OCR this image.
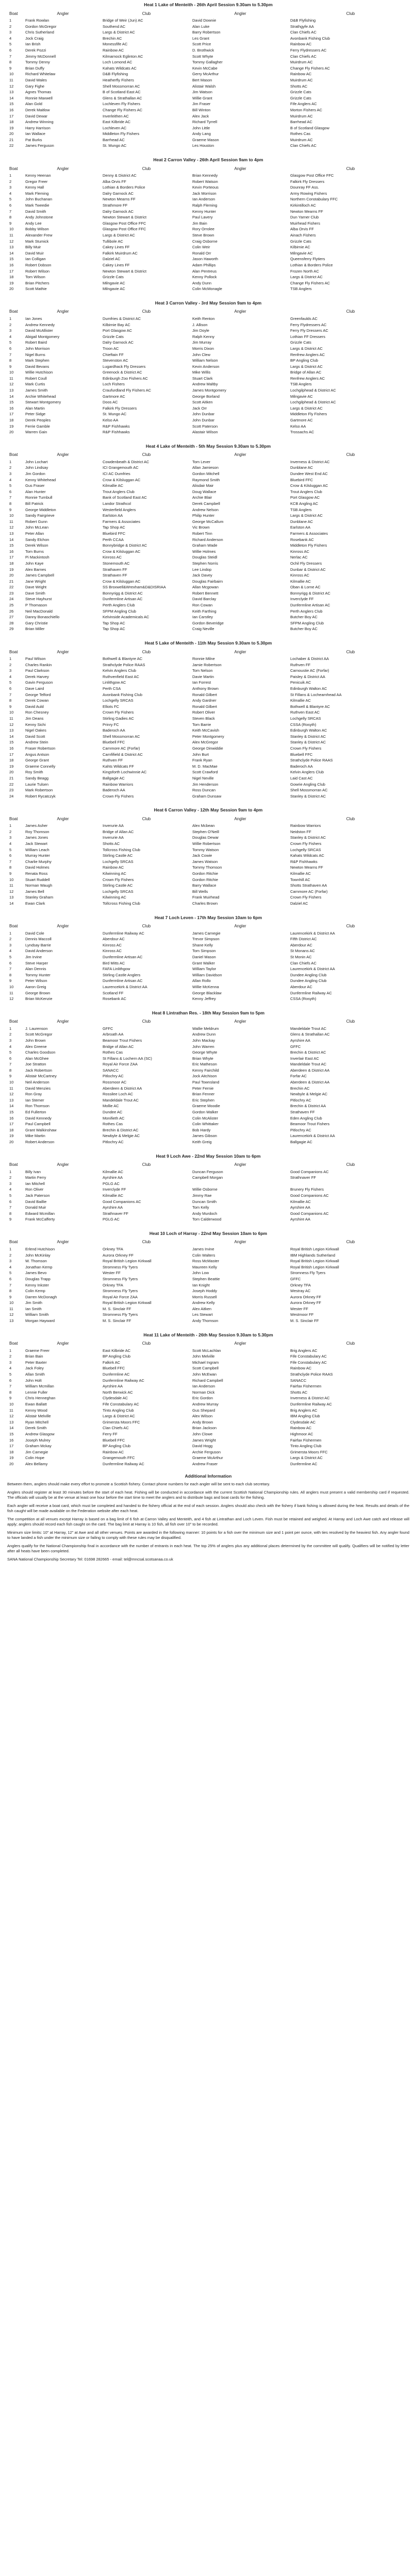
Heat 1 Lake of Menteith - 26th April Session 9.30am to 5.30pm
Boat	Angler	Club	Angler	Club
1	Frank Rowlan	Bridge of Weir (Jun) AC	David Downie	D&B Flyfishing
2	Gordon McGregor	Southend AC	Alan Luke	Strathgyfe AA
3	Chris Sutherland	Largs & District AC	Barry Robertson	Clan Chiefs AC
4	Jock Craig	Brechin AC	Les Grant	Avonbank Fishing Club
5	Ian Brish	Monessfife AC	Scott Price	Rainbow AC
6	Derek Pozzi	Rainbow AC	D. Brothwick	Ferry Flydressers AC
7	Jimmy McDonnell	Kilmarnock Eglinton AC	Scott Whyte	Clan Chiefs AC
8	Tommy Denny	Loch Lomond AC	Tommy Gallagher	Muirdrum AC
9	Brian Duffy	Kahats Wildcats AC	Kevin McCabe	Change Fly Fishers AC
10	Richard Whitelaw	D&B Flyfishing	Gerry McArthur	Rainbow AC
11	David Wales	Heatherfly Fishers	Bert Mason	Muirdrum AC
12	Gary Fighe	Shell Mossmorran AC	Alistair Walsh	Shotts AC
13	Agnes Thomas	B of Scotland East AC	Jim Watson	Grizzle Cats
14	Ronnie Maxwell	Glens & Strathallan AC	Willie Grant	Grizzle Cats
15	Alan Gold	Lochleven Fly Fishers	Jim Fraser	Fife Anglers AC
16	Derek Maitlow	Change Fly Fishers AC	Bill Winton	Morton Fishers AC
17	David Dewar	Inverleithen AC	Alex Jack	Muirdrum AC
18	Andrew Winning	East Kilbride AC	Richard Tyrrell	Barrhead AC
19	Harry Harrison	Lochleven AC	John Little	B of Scotland Glasgow
20	Ian Wallace	Middleton Fly Fishers	Andy Lang	Rothes Cas
21	Pat Burks	Barrhead AC	Graeme Mason	Muirdrum AC
22	James Ferguson	St. Mungo AC	Les Houston	Clan Chiefs AC
Heat 2 Carron Valley - 26th April Session 9am to 4pm
Boat	Angler	Club	Angler	Club
1	Kenny Heenan	Denny & District AC	Brian Kennedy	Glasgow Post Office FFC
2	Gregor Freer	Alba Orvis FF	Robert Watson	Falkirk Fly Dressers
3	Kenny Hall	Lothian & Borders Police	Kevin Porteous	Dounray FF Ass.
4	Mark Fleming	Dalry Garnock AC	Jack Morrison	Army Rowing Fishers
5	John Buchanan	Newton Mearns FF	Ian Anderson	Northern Constabulary FFC
6	Mark Tweedie	Strathmore FF	Ralph Fleming	Kirkintilloch AC
7	David Smith	Dalry Garnock AC	Kenny Hunter	Newton Mearns FF
8	Andy Johnstone	Newton Stewart & District	Paul Lavery	Dun Yarner Club
9	Andy Lee	Glasgow Post Office FFC	Jim Bain	Muirhead Fishers
10	Bobby Wilson	Glasgow Post Office FFC	Rory Orrolee	Alba Orvis FF
11	Alexander Frew	Largs & District AC	Steve Brown	Ainach Fishers
12	Mark Stumick	Tullibole AC	Craig Osborne	Grizzle Cats
13	Billy Muir	Cakey Lines FF	Colin Weir	Kilbirnie AC
14	David Muir	Falkirk Muirdrum AC	Ronald Orr	Milngavie AC
15	Ian Colligan	Dalziel AC	Jason Haworth	Queensferry Flytiers
16	Robert Dobson	Cakey Lines FF	Adam Phillips	Lothian & Borders Police
17	Robert Wilson	Newton Stewart & District	Alan Pentreus	Frozen North AC
18	Tom Wilson	Grizzle Cats	Kenny Pollock	Largs & District AC
19	Brian Pitchers	Milngavie AC	Andy Dunn	Change Fly Fishers AC
20	Scott Mathie	Milngavie AC	Colin McMonagle	TSB Anglers
Heat 3 Carron Valley - 3rd May Session 9am to 4pm
Boat	Angler	Club	Angler	Club
1	Ian Jones	Dumfries & District AC	Keith Renton	Greenfaulds AC
2	Andrew Kennedy	Kilbirnie Bay AC	J. Allison	Ferry Flydressers AC
3	David McAllister	Port Glasgow AC	Jim Doyle	Ferry Fly Dressers AC
4	Abigail Montgomery	Grizzle Cats	Ralph Kenny	Lothian FF Dressers
5	Robert Baird	Dalry Garnock AC	Jim Murray	Grizzle Cats
6	John Morrison	Troon AC	Morris Dixon	Largs & District AC
7	Nigel Burns	Chieftain FF	John Clew	Renfrew Anglers AC
8	Mark Stephen	Stevenston AC	William Nelson	BP Angling Club
9	David Bevans	Lugardhack Fly Dressers	Kevin Anderson	Largs & District AC
10	Willie Hutchison	Greenock & District AC	Mike Willis	Bridge of Allan AC
11	Robert Coull	Edinburgh Zoo Fishers AC	Stuart Clark	Renfrew Anglers AC
12	Mark Curtis	Loch Fishers	Andrew Maltby	TSB Anglers
13	James Smith	Craufurdland Fly Fishers AC	James Montgomery	Lochgilphead & District AC
14	Archie Whitehead	Gartmore AC	George Borland	Milngavie AC
15	Stewart Montgomery	Doos AC	Scott Aitken	Lochgilphead & District AC
16	Alan Martin	Falkirk Fly Dressers	Jack Orr	Largs & District AC
17	Peter Sidge	St. Mungo AC	John Dunbar	Middleton Fly Fishers
18	Derek Peoples	Kelso AA	John Dunbar	Gartmore AC
19	Ferrie Gamble	R&P Fishhawks	Scott Paterson	Kelso AA
20	Warren Gain	R&P Fishhawks	Alastair Wilson	Trossachs AC
Heat 4 Lake of Menteith - 5th May Session 9.30am to 5.30pm
Boat	Angler	Club	Angler	Club
1	John Lochart	Cowdenbeath & District AC	Tom Lever	Inverness & District AC
2	John Lindsay	ICI Grangemouth AC	Allan Jamieson	Dunblane AC
3	Jim Gordon	ICI AC Dumfries	Gordon Mitchell	Dundee West End AC
4	Kenny Whitehead	Crow & Kilsluggan AC	Raymond Smith	Bluebird FFC
5	Gus Fraser	Kilmallie AC	Alisdair Mair	Crow & Kilsluggan AC
6	Alan Hunter	Trout Anglers Club	Doug Wallace	Trout Anglers Club
7	Ronnie Turnbull	Bank of Scotland East AC	Archie Blair	Port Glasgow AC
8	Bill Patrick	Landor Strathcol	Derek Campbell	KCB Angling AC
9	George Middleton	Westerfield Anglers	Andrew Nelson	TSB Anglers
10	Sandy Fairgrieve	Earlston AA	Philip Hunter	Largs & District AC
11	Robert Gunn	Farmers & Associates	George McCallum	Dunblane AC
12	John McLean	Tap Shop AC	Vic Brown	Earlston AA
13	Peter Allan	Bluebird FFC	Robert Tinn	Farmers & Associates
14	Sandy Elchon	Perth CCAA	Richard Anderson	Rosebank AC
15	Derek Wilson	Bonnybridge & District AC	Graham Wade	Middleton Fly Fishers
16	Tom Burns	Crow & Kilsluggan AC	Willie Holmes	Kinross AC
17	Pi Mackintosh	Kinross AC	Douglas Steidl	Nerlac AC
18	John Kaye	Stonemouth AC	Stephen Norris	Ochil Fly Dressers
19	Alex Barnes	Strathaven FF	Lee Lindop	Dunbar & District AC
20	James Campbell	Strathaven FF	Jack Davey	Kinross AC
21	Jane Wright	Crow & Kilsluggan AC	Douglas Fairbairn	Kilmallie AC
22	Dave Wright	SS Broxwell&Wrexham&D&DISRIAA	Allan Mcgowan	Oban & Lorne AC
23	Dave Smith	Bonnyrigg & District AC	Robert Bennett	Bonnyrigg & District AC
24	Steve Hayhurst	Dunfermline Artisan AC	David Barclay	Inverclyde FF
25	P Thomason	Perth Anglers Club	Ron Cowan	Dunfermline Artisan AC
26	Neil MacDonald	SFPM Angling Club	Keith Farthing	Perth Anglers Club
27	Danny Bonaschiello	Kelvinside Academicals AC	Ian Carstley	Butcher Boy AC
28	Gary Christie	Tap Shop AC	Gordon Beveridge	SFPM Angling Club
29	Brian Miller	Tap Shop AC	Craig Neville	Butcher Boy AC
Heat 5 Lake of Menteith - 11th May Session 9.30am to 5.30pm
Boat	Angler	Club	Angler	Club
1	Paul Wilson	Bothwell & Blantyre AC	Ronnie Milne	Lochaber & District AA
2	Charles Rankin	Strathclyde Police RAAS	Jamie Robertson	Ruthven FF
3	Paul Clarkson	Kelvin Anglers Club	Tom Nelson	Carnoustie AC (Forfar)
4	Derek Harvey	Ruthvenfield East AC	Davie Martin	Paisley & District AA
5	Gavin Ferguson	Linlithgow AC	Ian Forrest	Penicuik AC
6	Dave Laird	Perth CSA	Anthony Brown	Edinburgh Walton AC
7	George Telford	Avonbank Fishing Club	Ronald Gilbert	St Fillans & Lochearnhead AA
8	Derek Cowan	Lochgelly SRCAS	Andy Gardner	Kilmallie AC
9	David Auld	Elliots FC	Ronald Gilbert	Bothwell & Blantyre AC
10	Ron Chesney	Crown Fly Fishers	Robert Oliver	Ruthven East AC
11	Jim Deans	Stirling Gadies AC	Steven Black	Lochgelly SRCAS
12	Kenny Sichi	Prinry FC	Tom Barrie	CSSA (Rosyth)
13	Nigel Oakes	Baderoch AA	Keith McCavish	Edinburgh Walton AC
14	David Scott	Shell Mossmorran AC	Peter Montgomery	Stanley & District AC
15	Andrew Stein	Bluebell FFC	Alex McGregor	Stanley & District AC
16	Fraser Robertson	Carnmore AC (Forfar)	George Dinwiddie	Crown Fly Fishers
17	Angus Antson	Carnfifield & District AC	John Burt	Bluebell FFC
18	George Grant	Ruthven FF	Frank Ryan	Strathclyde Police RAAS
19	Graeme Connelly	Kahts Wildcats FF	M. D. MacMae	Baderoch AA
20	Roy Smith	Kingsforth Lochwinnie AC	Scott Crawford	Kelvin Anglers Club
21	Sandy Beagg	Ballgagie AC	Nigel Neville	Laid Cast AC
22	Laurie Tulsen	Rainbow Warriors	Jim Henderson	Gowrie Angling Club
23	Mark Robertson	Baderoch AA	Ross Duncan	Shell Mossmorran AC
24	Robert Rycatczyk	Crown Fly Fishers	Graham Dunsaw	Stanley & District AC
Heat 6 Carron Valley - 12th May Session 9am to 4pm
Boat	Angler	Club	Angler	Club
1	James Asher	Inverurie AA	Alex Mcbean	Rainbow Warriors
2	Roy Thomson	Bridge of Allan AC	Stephen O'Neill	Neidston FF
3	James Jones	Inverurie AA	Douglas Dewar	Stanley & District AC
4	Jack Stewart	Shotts AC	Willie Robertson	Crown Fly Fishers
5	William Leach	Tollcross Fishing Club	Tommy Watson	Lochgelly SRCAS
6	Murray Hunter	Stirling Castle AC	Jack Cowie	Kahats Wildcats AC
7	Charlie Murphy	Lochgelly SRCAS	James Watson	R&P Fishhawks
8	David Holmes	Rainbow AC	Tommy Thomson	Newton Mearns FF
9	Renata Ross	Kilwinning AC	Gordon Ritchie	Kilmallie AC
10	Stuart Ruddell	Crown Fly Fishers	Gordon Ritchie	Townhill AC
11	Norman Waugh	Stirling Castle AC	Barry Wallace	Shotts Strathaven AA
12	James Bell	Lochgelly SRCAS	Bill Wells	Carnmore AC (Forfar)
13	Stanley Graham	Kilwinning AC	Frank Muirhead	Crown Fly Fishers
14	Ewan Clark	Tollcross Fishing Club	Charles Brown	Dalziel AC
Heat 7 Loch Leven - 17th May Session 10am to 6pm
Boat	Angler	Club	Angler	Club
1	David Cole	Dunfermline Railway AC	James Carnegie	Laurencekirk & District AA
2	Dennis Maccoll	Aberdour AC	Trevor Simpson	Fifth District AC
3	Lyndsay Barrie	Kinross AC	Shane Kelly	Aberdour AC
4	David Anderson	Kinross AC	Tom Simpson	St Monans AC
5	Jim Irvine	Dunfermline Artisan AC	Daniel Mason	St Monin AC
6	Steve Harper	Bird Mitts AC	Grant Walker	Clan Chiefs AC
7	Alan Dennis	FAFA Linlithgow	William Taylor	Laurencekirk & District AA
8	Tommy Hunter	Stirling Castle Anglers	William Davidson	Dundee Angling Club
9	Peter Wilson	Dunfermline Artisan AC	Allan Rollo	Dundee Angling Club
10	Aaron Greig	Laurencekirk & District AA	Willie McKenna	Aberdour AC
11	George Brown	Scotland FF	George Blacklaw	Dunfermline Railway AC
12	Brian McKenzie	Rosebank AC	Kenny Jeffrey	CSSA (Rosyth)
Heat 8 Lintrathan Res. - 18th May Session 9am to 5pm
Boat	Angler	Club	Angler	Club
1	J. Laurenson	GFFC	Wallie Meldrum	Mandeldale Trout AC
2	Scott McGregor	Arbroath AA	Andrew Dunn	Glens & Strathallan AC
3	John Brown	Beamoor Trout Fishers	John Mackay	Ayrshire AA
4	Alex Greene	Bridge of Allan AC	John Warren	GFFC
5	Charles Goodson	Rothes Cas	George Whyte	Brechin & District AC
6	Alan McGhee	St Fillans & Lochern AA (SC)	Brian Whyte	Inverlair East AC
7	Joe Stratton	Royal Air Force ZAA	Eric Matheson	Mandeldale Trout AC
8	Jack Robertson	SANACC	Kenny Fairchild	Aberdeen & District AA
9	Alistair McCartney	Pitlochry AC	Jock Aitchison	Forfar AC
10	Neil Anderson	Rossmoor AC	Paul Townsland	Aberdeen & District AA
11	David Menzies	Aberdeen & District AA	Peter Fernie	Brechin AC
12	Ron Gray	Rossilee Loch AC	Brian Fenner	Newbyle & Melgie AC
13	Ian Stemer	Mandeldale Trout AC	Eric Stephen	Pitlochry AC
14	Ron Thomson	Mollie AC	Graeme Moodie	Brechin & District AA
15	Ed Fullerton	Dundee AC	Gordon Walker	Strathaven FF
16	David Kennedy	Monifieth AC	Colin McAlister	Eden Angling Club
17	Paul Campbell	Rothes Cas	Colin Whittaker	Beamoor Trout Fishers
18	Grant Walkinshaw	Brechin & District AC	Bob Hardy	Pitlochry AC
19	Mike Martin	Newbyle & Melgie AC	James Gibson	Laurencekirk & District AA
20	Robert Anderson	Pitlochry AC	Keith Greig	Ballgagie AC
Heat 9 Loch Awe - 22nd May Session 10am to 6pm
Boat	Angler	Club	Angler	Club
1	Billy Ivan	Kilmallie AC	Duncan Ferguson	Good Companions AC
2	Martin Ferry	Ayrshire AA	Campbell Morgan	Strathnaver FF
3	Ian Mitchell	PGLG AC		
4	Ron Oliver	Inverclyde FF	Willie Osborne	Brunery Fly Fishers
5	Jack Paterson	Kilmallie AC	Jimmy Rae	Good Companions AC
6	David Baillie	Good Companions AC	Duncan Smith	Kilmallie AC
7	Donald Muir	Ayrshire AA	Tom Kelly	Ayrshire AA
8	Edward Mcmillan	Strathnaver FF	Andy Murdoch	Good Companions AC
9	Frank McCafferty	PGLG AC	Tom Calderwood	Ayrshire AA
Heat 10 Loch of Harray - 22nd May Session 10am to 6pm
Boat	Angler	Club	Angler	Club
1	Erlend Hutchison	Orkney TFA	James Irvine	Royal British Legion Kirkwall
2	John McKinlay	Aurora Orkney FF	Colin Walters	IBM Highlands Sutherland
3	W. Thomson	Royal British Legion Kirkwall	Ross McMaster	Royal British Legion Kirkwall
4	Jonathan Kemp	Stromness Fly Tyers	Maureen Kelly	Royal British Legion Kirkwall
5	James Bevo	Wester FF	John Low	Stromness Fly Tyers
6	Douglas Trapp	Stromness Fly Tyers	Stephen Beattie	GFFC
7	Kenny Inkster	Orkney TFA	Ian Knight	Orkney TFA
8	Colin Kemp	Stromness Fly Tyers	Joseph Hoddy	Westray AC
9	Darren McDonagh	Royal Air Force ZAA	Morris Russell	Aurora Orkney FF
10	Jim Smith	Royal British Legion Kirkwall	Andrew Kelly	Aurora Orkney FF
11	Ian Smith	M. S. Sinclair FF	Alex Aitken	Wester FF
12	William Smith	Stromness Fly Tyers	Les Stewart	Westmoor FF
13	Morgan Hayward	M. S. Sinclair FF	Andy Thomson	M. S. Sinclair FF
Heat 11 Lake of Menteith - 26th May Session 9.30am to 5.30pm
Boat	Angler	Club	Angler	Club
1	Graeme Freer	East Kilbride AC	Scott McLachlan	Brig Anglers AC
2	Brian Bain	BP Angling Club	John Melville	Fife Constabulary AC
3	Peter Baxter	Falkirk AC	Michael Ingram	Fife Constabulary AC
4	Jack Foley	Bluebell FFC	Scott Campbell	Rainbow AC
5	Allan Smith	Dunfermline AC	John McEwan	Strathclyde Police RAAS
6	John Holt	Dunfermline Railway AC	Richard Campbell	SANACC
7	William Mcmillan	Ayrshire AA	Ian Anderson	Fairfax Fishermen
8	Lennie Fuller	North Berwick AC	Norman Dick	Shotts AC
9	Chris Henneghan	Clydesdale AC	Eric Gordon	Inverness & District AC
10	Ewan Ballatt	Fife Constabulary AC	Andrew Murray	Dunfermline Railway AC
11	Kenny Wood	Tinto Angling Club	Gus Shepard	Brig Anglers AC
12	Alistair Melville	Largs & District AC	Alex Wilson	IBM Angling Club
13	Ryan Mitchell	Grimersta Moors FFC	Andy Brown	Clydesdale AC
14	Derek Smith	Clan Chiefs AC	Brian Jackson	Rainbow AC
15	Andrew Glasgow	Ferry FF	John Clowe	Highmoor AC
16	Joseph Mulrey	Bluebell FFC	James Wright	Fairfax Fishermen
17	Graham Mckay	BP Angling Club	David Hogg	Tinto Angling Club
18	Jim Carnegie	Rainbow AC	Archie Ferguson	Grimersta Moors FFC
19	Colin Hope	Grangemouth FFC	Graeme McArthur	Largs & District AC
20	Alex Bellamy	Dunfermline Railway AC	Andrew Fraser	Dunfermline AC
Additional Information

Between them, anglers should make every effort to promote a Scottish fishery. Contact phone numbers for each angler will be sent to each club secretary.

Anglers should register at least 30 minutes before the start of each heat. Fishing will be conducted in accordance with the current Scottish National Championship rules. All anglers must present a valid membership card if requested. The officials will usually be at the venue at least one hour before the start time to meet the anglers and to distribute bags and boat cards for the fishing.

Each angler will receive a boat card, which must be completed and handed to the fishery official at the end of each session. Anglers should also check with the fishery if bank fishing is allowed during the heat. Results and details of the fish caught will be made available on the Federation website after each heat.

The competition at all venues except Harray is based on a bag limit of 6 fish at Carron Valley and Menteith, and 4 fish at Lintrathan and Loch Leven. Fish must be retained and weighed. At Harray and Loch Awe catch and release will apply; anglers should record each fish caught on the card. The bag limit at Harray is 10 fish, all fish over 10" to be recorded.

Minimum size limits: 10" at Harray, 12" at Awe and all other venues. Points are awarded in the following manner: 10 points for a fish over the minimum size and 1 point per ounce, with ties resolved by the heaviest fish. Any angler found to have landed a fish under the minimum size or failing to comply with these rules may be disqualified.

Anglers qualify for the National Championship final in accordance with the number of entrants in each heat. The top 25% of anglers plus any additional places determined by the committee will qualify. Qualifiers will be notified by letter after all heats have been completed.

SANA National Championship Secretary Tel: 01698 282665 - email: tel@mncsal.scotsanaa.co.uk
